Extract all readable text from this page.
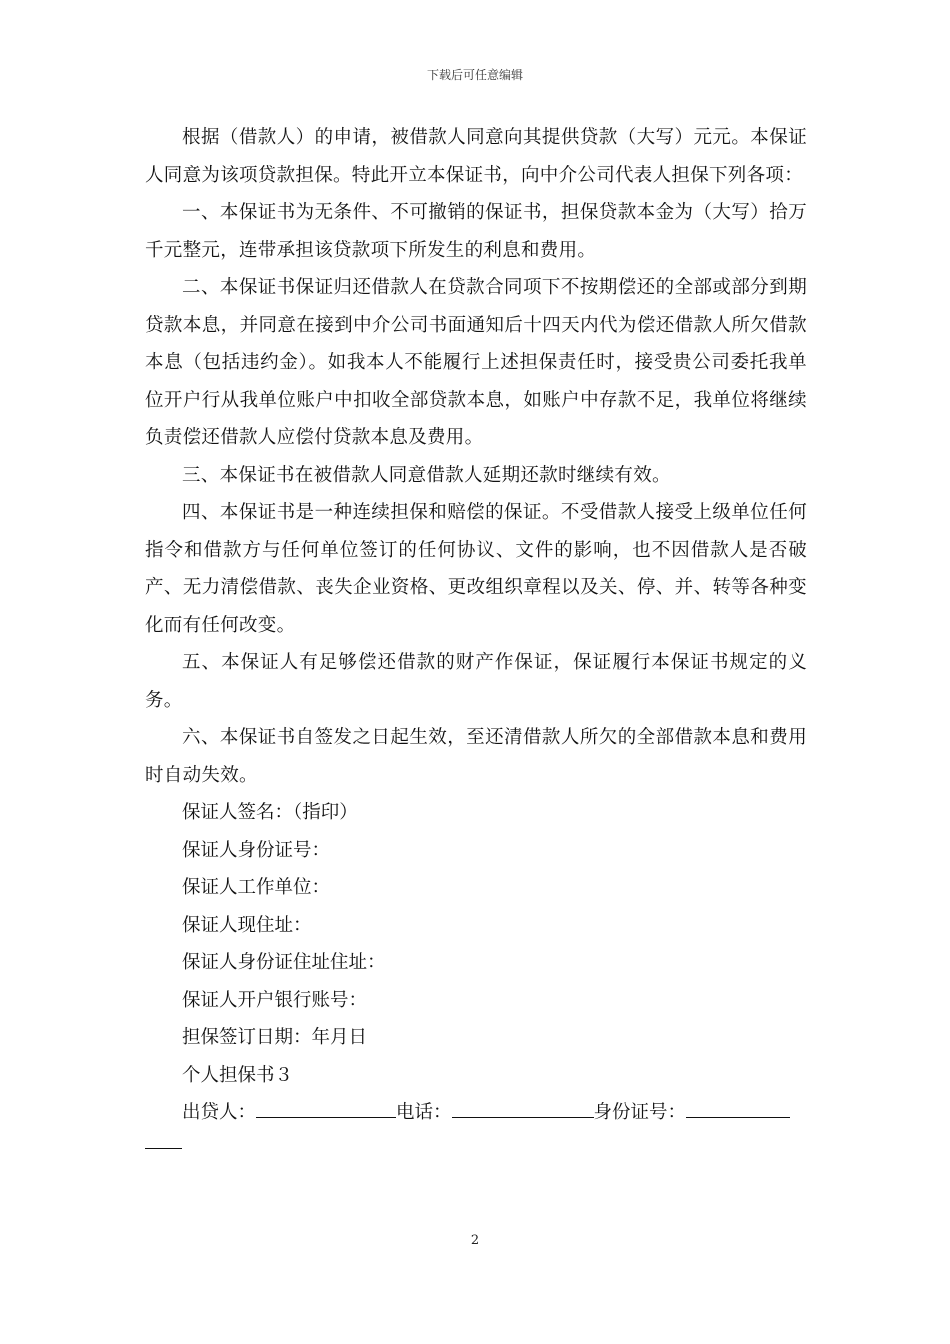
下载后可任意编辑

根据（借款人）的申请，被借款人同意向其提供贷款（大写）元元。本保证人同意为该项贷款担保。特此开立本保证书，向中介公司代表人担保下列各项：

一、本保证书为无条件、不可撤销的保证书，担保贷款本金为（大写）拾万千元整元，连带承担该贷款项下所发生的利息和费用。

二、本保证书保证归还借款人在贷款合同项下不按期偿还的全部或部分到期贷款本息，并同意在接到中介公司书面通知后十四天内代为偿还借款人所欠借款本息（包括违约金）。如我本人不能履行上述担保责任时，接受贵公司委托我单位开户行从我单位账户中扣收全部贷款本息，如账户中存款不足，我单位将继续负责偿还借款人应偿付贷款本息及费用。

三、本保证书在被借款人同意借款人延期还款时继续有效。

四、本保证书是一种连续担保和赔偿的保证。不受借款人接受上级单位任何指令和借款方与任何单位签订的任何协议、文件的影响，也不因借款人是否破产、无力清偿借款、丧失企业资格、更改组织章程以及关、停、并、转等各种变化而有任何改变。

五、本保证人有足够偿还借款的财产作保证，保证履行本保证书规定的义务。

六、本保证书自签发之日起生效，至还清借款人所欠的全部借款本息和费用时自动失效。

保证人签名：（指印）

保证人身份证号：

保证人工作单位：

保证人现住址：

保证人身份证住址住址：

保证人开户银行账号：

担保签订日期：年月日

个人担保书３

出贷人：	电话：	身份证号：

2
